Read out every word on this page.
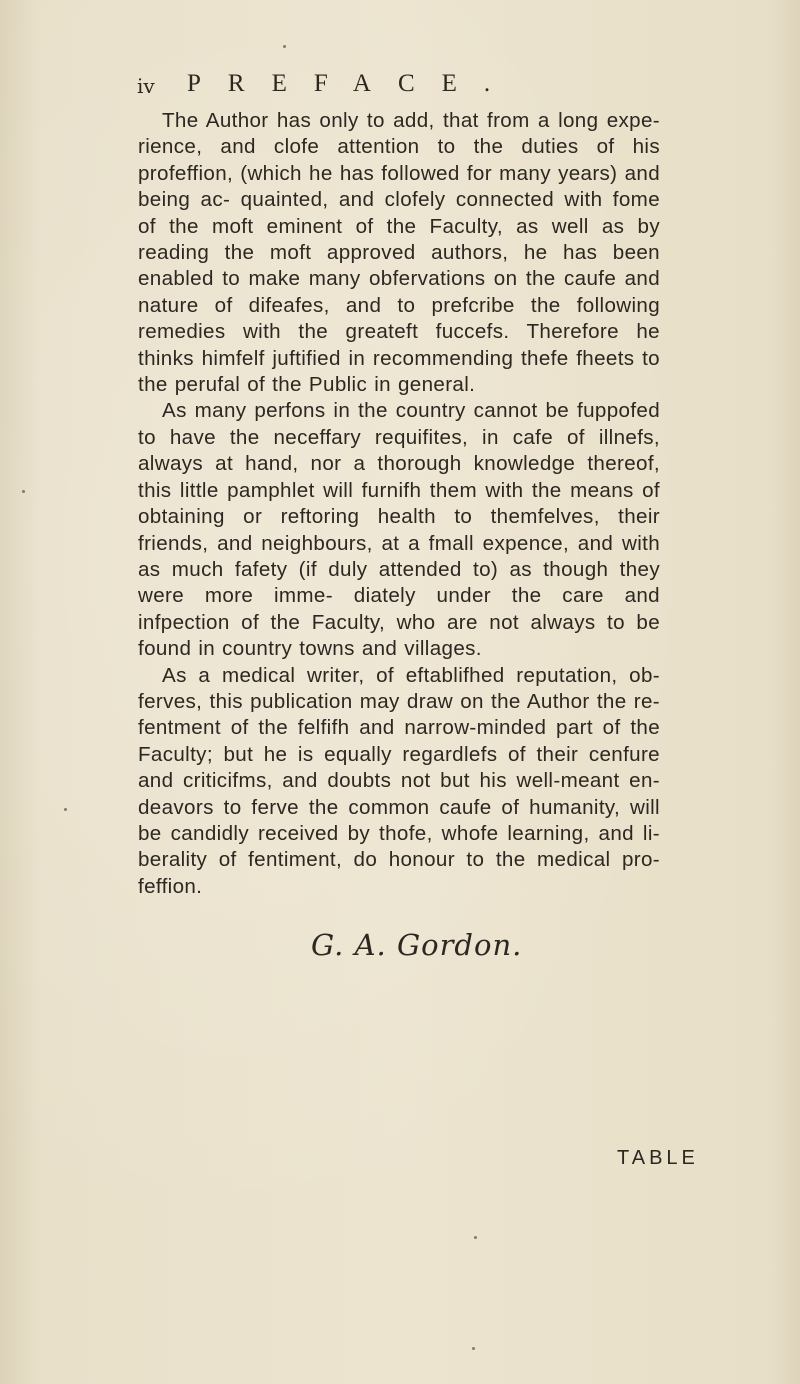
iv PREFACE.

The Author has only to add, that from a long expe- rience, and clofe attention to the duties of his profeffion, (which he has followed for many years) and being ac- quainted, and clofely connected with fome of the moft eminent of the Faculty, as well as by reading the moft approved authors, he has been enabled to make many obfervations on the caufe and nature of difeafes, and to prefcribe the following remedies with the greateft fuccefs. Therefore he thinks himfelf juftified in recommending thefe fheets to the perufal of the Public in general.

As many perfons in the country cannot be fuppofed to have the neceffary requifites, in cafe of illnefs, always at hand, nor a thorough knowledge thereof, this little pamphlet will furnifh them with the means of obtaining or reftoring health to themfelves, their friends, and neighbours, at a fmall expence, and with as much fafety (if duly attended to) as though they were more imme- diately under the care and infpection of the Faculty, who are not always to be found in country towns and villages.

As a medical writer, of eftablifhed reputation, ob- ferves, this publication may draw on the Author the re- fentment of the felfifh and narrow-minded part of the Faculty; but he is equally regardlefs of their cenfure and criticifms, and doubts not but his well-meant en- deavors to ferve the common caufe of humanity, will be candidly received by thofe, whofe learning, and li- berality of fentiment, do honour to the medical pro- feffion.

G. A. Gordon.
TABLE
